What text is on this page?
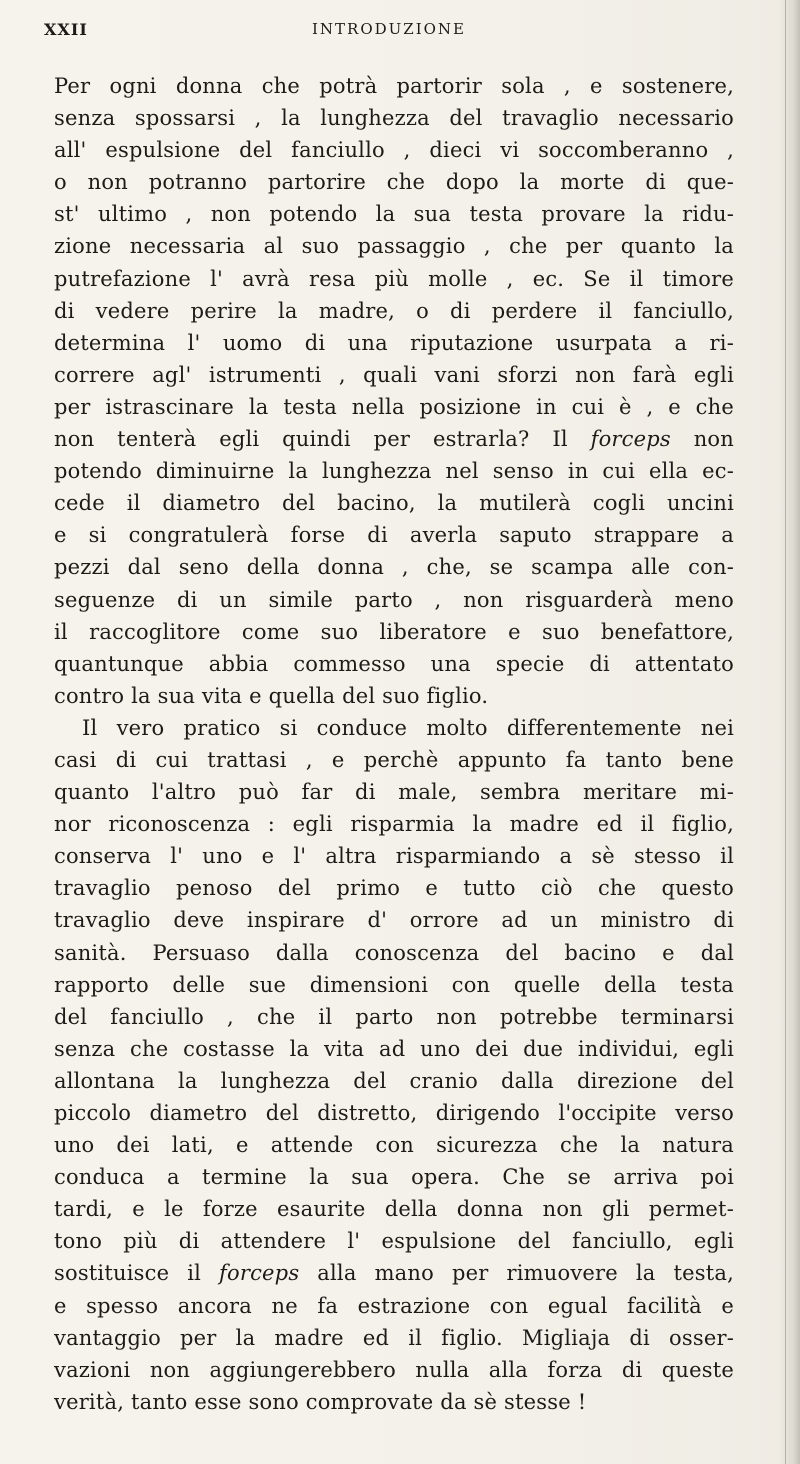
INTRODUZIONE
XXII
Per ogni donna che potrà partorir sola , e sostenere,
senza spossarsi , la lunghezza del travaglio necessario
all' espulsione del fanciullo , dieci vi soccomberanno ,
o non potranno partorire che dopo la morte di que-
st' ultimo , non potendo la sua testa provare la ridu-
zione necessaria al suo passaggio , che per quanto la
putrefazione l' avrà resa più molle , ec. Se il timore
di vedere perire la madre, o di perdere il fanciullo,
determina l' uomo di una riputazione usurpata a ri-
correre agl' istrumenti , quali vani sforzi non farà egli
per istrascinare la testa nella posizione in cui è , e che
non tenterà egli quindi per estrarla? Il forceps non
potendo diminuirne la lunghezza nel senso in cui ella ec-
cede il diametro del bacino, la mutilerà cogli uncini
e si congratulerà forse di averla saputo strappare a
pezzi dal seno della donna , che, se scampa alle con-
seguenze di un simile parto , non risguarderà meno
il raccoglitore come suo liberatore e suo benefattore,
quantunque abbia commesso una specie di attentato
contro la sua vita e quella del suo figlio.
Il vero pratico si conduce molto differentemente nei
casi di cui trattasi , e perchè appunto fa tanto bene
quanto l'altro può far di male, sembra meritare mi-
nor riconoscenza : egli risparmia la madre ed il figlio,
conserva l' uno e l' altra risparmiando a sè stesso il
travaglio penoso del primo e tutto ciò che questo
travaglio deve inspirare d' orrore ad un ministro di
sanità. Persuaso dalla conoscenza del bacino e dal
rapporto delle sue dimensioni con quelle della testa
del fanciullo , che il parto non potrebbe terminarsi
senza che costasse la vita ad uno dei due individui, egli
allontana la lunghezza del cranio dalla direzione del
piccolo diametro del distretto, dirigendo l'occipite verso
uno dei lati, e attende con sicurezza che la natura
conduca a termine la sua opera. Che se arriva poi
tardi, e le forze esaurite della donna non gli permet-
tono più di attendere l' espulsione del fanciullo, egli
sostituisce il forceps alla mano per rimuovere la testa,
e spesso ancora ne fa estrazione con egual facilità e
vantaggio per la madre ed il figlio. Migliaja di osser-
vazioni non aggiungerebbero nulla alla forza di queste
verità, tanto esse sono comprovate da sè stesse !
